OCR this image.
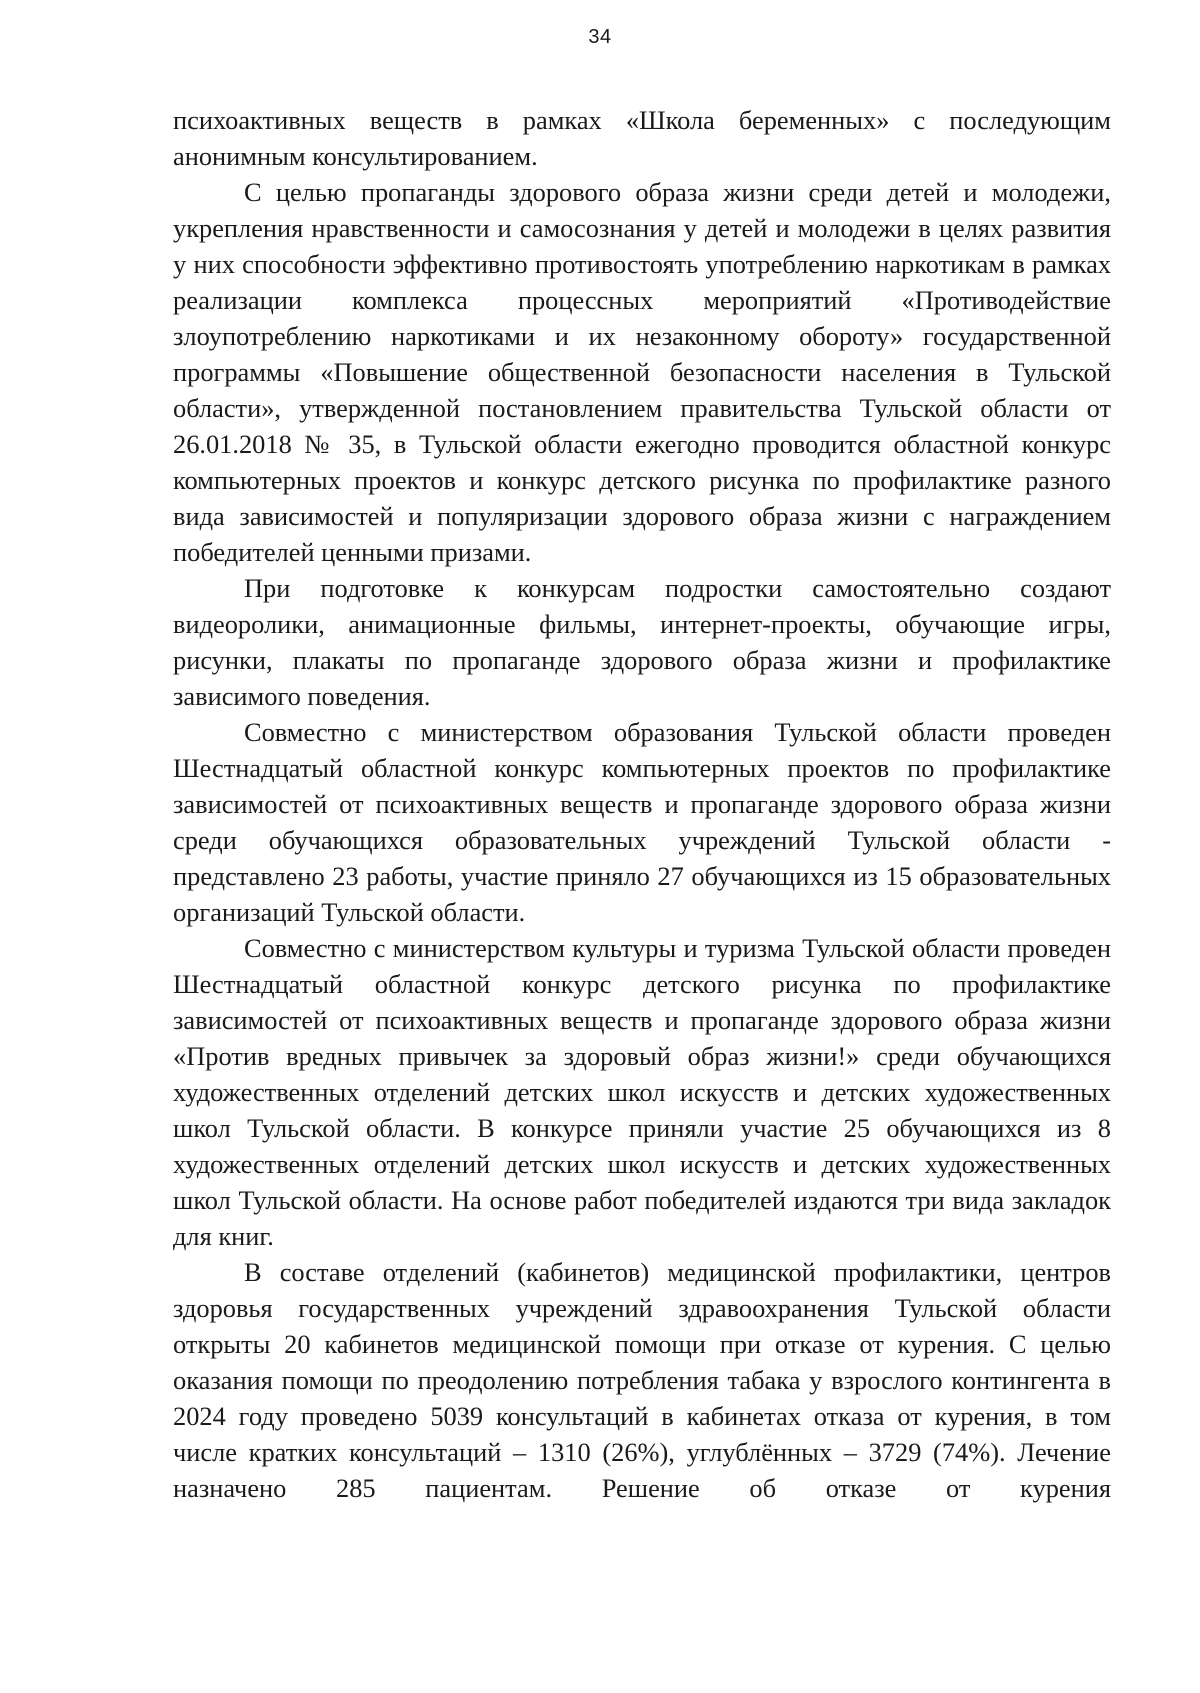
34

психоактивных веществ в рамках «Школа беременных» с последующим анонимным консультированием.

С целью пропаганды здорового образа жизни среди детей и молодежи, укрепления нравственности и самосознания у детей и молодежи в целях развития у них способности эффективно противостоять употреблению наркотикам в рамках реализации комплекса процессных мероприятий «Противодействие злоупотреблению наркотиками и их незаконному обороту» государственной программы «Повышение общественной безопасности населения в Тульской области», утвержденной постановлением правительства Тульской области от 26.01.2018 № 35, в Тульской области ежегодно проводится областной конкурс компьютерных проектов и конкурс детского рисунка по профилактике разного вида зависимостей и популяризации здорового образа жизни с награждением победителей ценными призами.

При подготовке к конкурсам подростки самостоятельно создают видеоролики, анимационные фильмы, интернет-проекты, обучающие игры, рисунки, плакаты по пропаганде здорового образа жизни и профилактике зависимого поведения.

Совместно с министерством образования Тульской области проведен Шестнадцатый областной конкурс компьютерных проектов по профилактике зависимостей от психоактивных веществ и пропаганде здорового образа жизни среди обучающихся образовательных учреждений Тульской области - представлено 23 работы, участие приняло 27 обучающихся из 15 образовательных организаций Тульской области.

Совместно с министерством культуры и туризма Тульской области проведен Шестнадцатый областной конкурс детского рисунка по профилактике зависимостей от психоактивных веществ и пропаганде здорового образа жизни «Против вредных привычек за здоровый образ жизни!» среди обучающихся художественных отделений детских школ искусств и детских художественных школ Тульской области. В конкурсе приняли участие 25 обучающихся из 8 художественных отделений детских школ искусств и детских художественных школ Тульской области. На основе работ победителей издаются три вида закладок для книг.

В составе отделений (кабинетов) медицинской профилактики, центров здоровья государственных учреждений здравоохранения Тульской области открыты 20 кабинетов медицинской помощи при отказе от курения. С целью оказания помощи по преодолению потребления табака у взрослого контингента в 2024 году проведено 5039 консультаций в кабинетах отказа от курения, в том числе кратких консультаций – 1310 (26%), углублённых – 3729 (74%). Лечение назначено 285 пациентам. Решение об отказе от курения
